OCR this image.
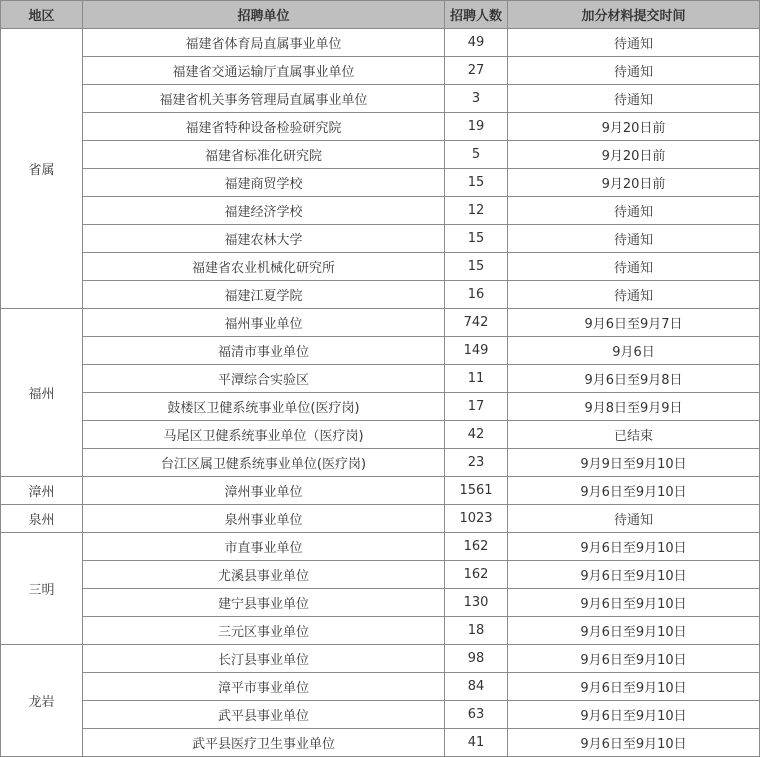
地区	招聘单位	招聘人数	加分材料提交时间
省属	福建省体育局直属事业单位	49	待通知
	福建省交通运输厅直属事业单位	27	待通知
	福建省机关事务管理局直属事业单位	3	待通知
	福建省特种设备检验研究院	19	9月20日前
	福建省标准化研究院	5	9月20日前
	福建商贸学校	15	9月20日前
	福建经济学校	12	待通知
	福建农林大学	15	待通知
	福建省农业机械化研究所	15	待通知
	福建江夏学院	16	待通知
福州	福州事业单位	742	9月6日至9月7日
	福清市事业单位	149	9月6日
	平潭综合实验区	11	9月6日至9月8日
	鼓楼区卫健系统事业单位(医疗岗)	17	9月8日至9月9日
	马尾区卫健系统事业单位（医疗岗)	42	已结束
	台江区属卫健系统事业单位(医疗岗)	23	9月9日至9月10日
漳州	漳州事业单位	1561	9月6日至9月10日
泉州	泉州事业单位	1023	待通知
三明	市直事业单位	162	9月6日至9月10日
	尤溪县事业单位	162	9月6日至9月10日
	建宁县事业单位	130	9月6日至9月10日
	三元区事业单位	18	9月6日至9月10日
龙岩	长汀县事业单位	98	9月6日至9月10日
	漳平市事业单位	84	9月6日至9月10日
	武平县事业单位	63	9月6日至9月10日
	武平县医疗卫生事业单位	41	9月6日至9月10日
